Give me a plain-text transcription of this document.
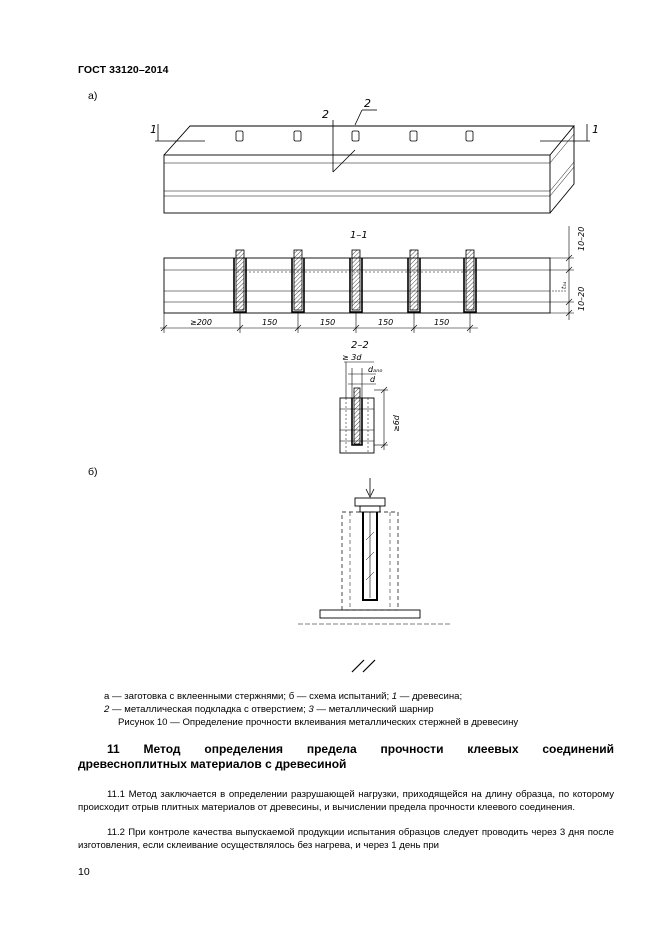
ГОСТ 33120–2014
а)
б)
1	1
2
2
1–1
≥200	150	150	150	150
10–20
10–20
t₃₄
2–2
≥ 3d
dₐₙₒ
d
≥6d
а — заготовка с вклеенными стержнями; б — схема испытаний; 1 — древесина;
2 — металлическая подкладка с отверстием; 3 — металлический шарнир
Рисунок 10 — Определение прочности вклеивания металлических стержней в древесину
11 Метод определения предела прочности клеевых соединений
древесноплитных материалов с древесиной
11.1 Метод заключается в определении разрушающей нагрузки, приходящейся на длину образца, по которому происходит отрыв плитных материалов от древесины, и вычислении предела прочности клеевого соединения.
11.2 При контроле качества выпускаемой продукции испытания образцов следует проводить через 3 дня после изготовления, если склеивание осуществлялось без нагрева, и через 1 день при
10
